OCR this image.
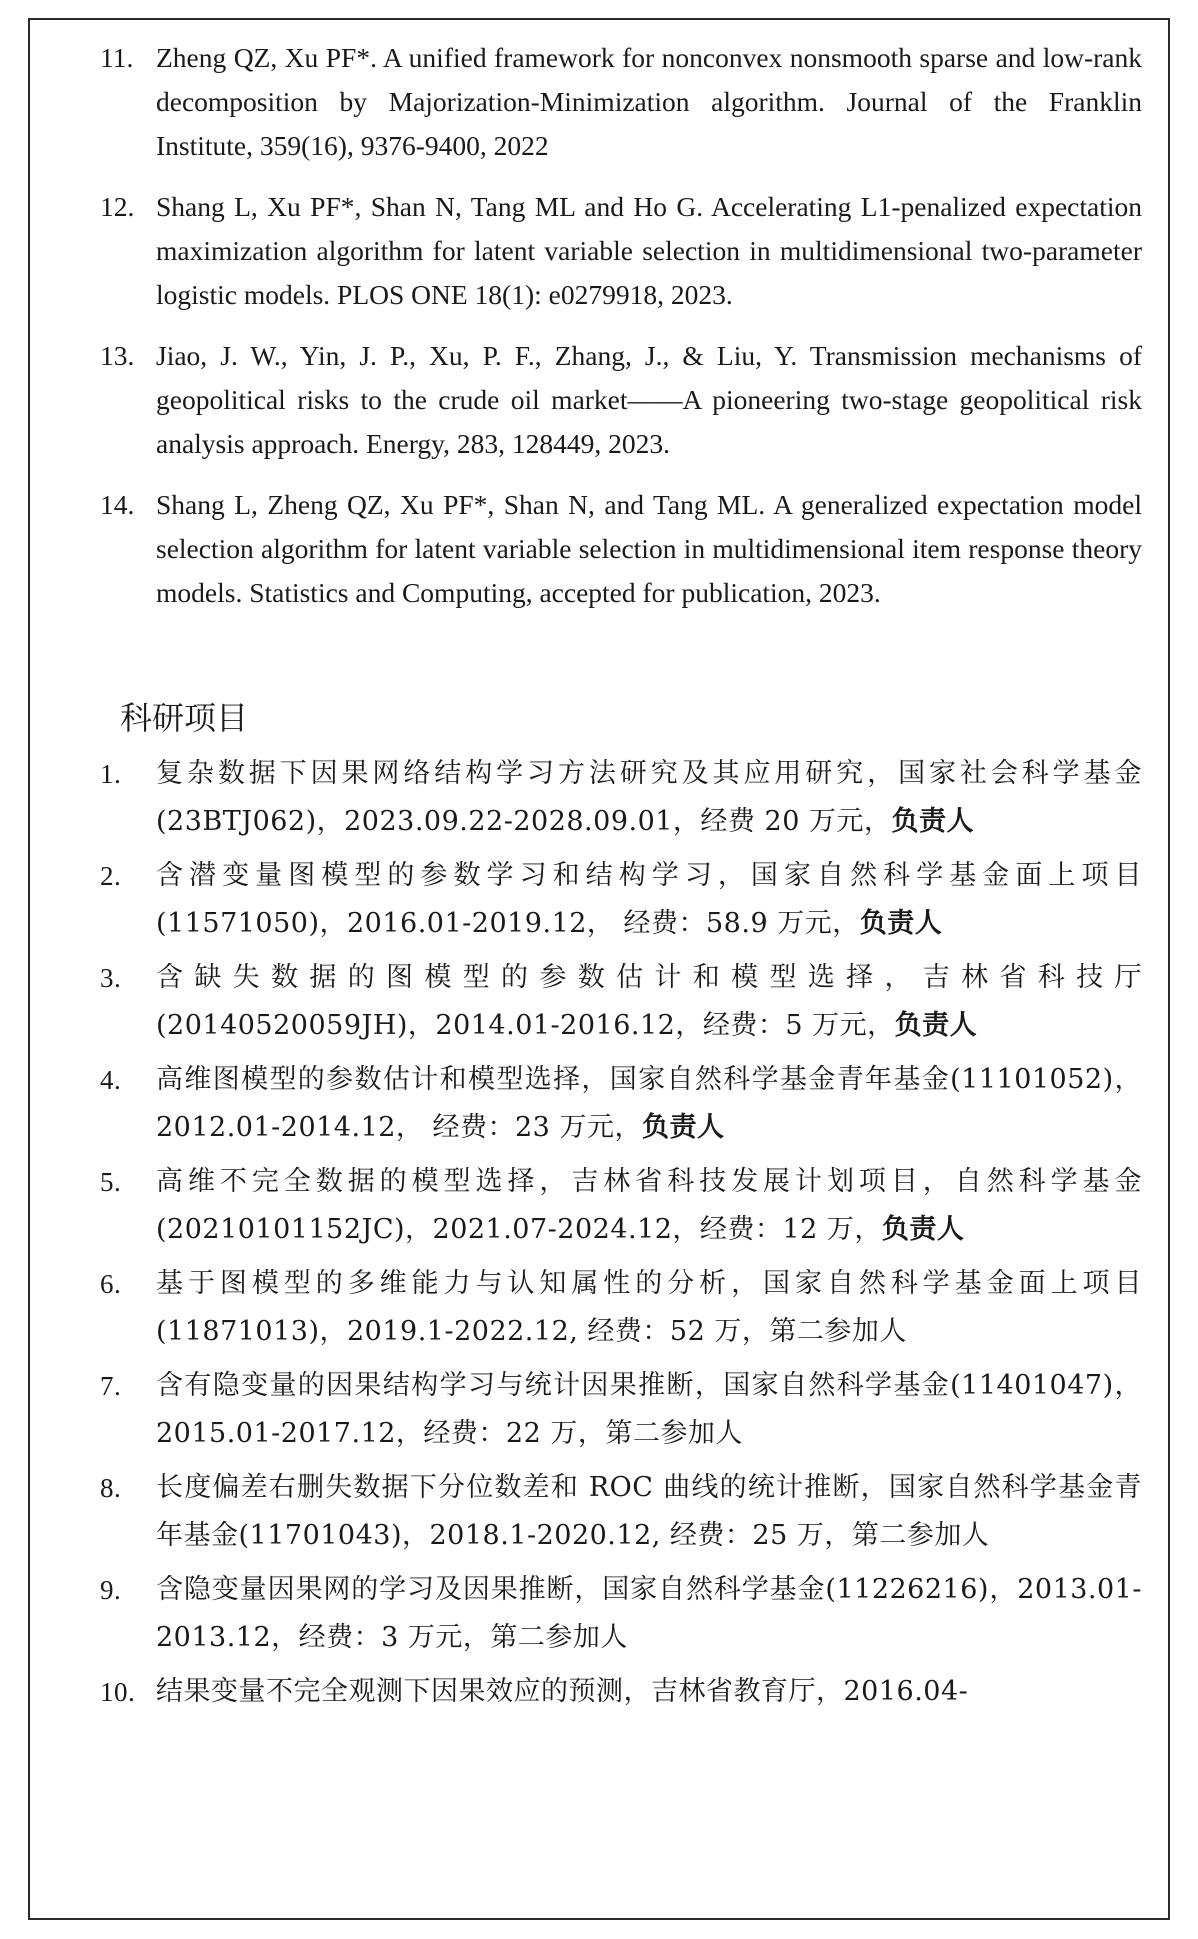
11. Zheng QZ, Xu PF*. A unified framework for nonconvex nonsmooth sparse and low-rank decomposition by Majorization-Minimization algorithm. Journal of the Franklin Institute, 359(16), 9376-9400, 2022
12. Shang L, Xu PF*, Shan N, Tang ML and Ho G. Accelerating L1-penalized expectation maximization algorithm for latent variable selection in multidimensional two-parameter logistic models. PLOS ONE 18(1): e0279918, 2023.
13. Jiao, J. W., Yin, J. P., Xu, P. F., Zhang, J., & Liu, Y. Transmission mechanisms of geopolitical risks to the crude oil market——A pioneering two-stage geopolitical risk analysis approach. Energy, 283, 128449, 2023.
14. Shang L, Zheng QZ, Xu PF*, Shan N, and Tang ML. A generalized expectation model selection algorithm for latent variable selection in multidimensional item response theory models. Statistics and Computing, accepted for publication, 2023.
科研项目
1. 复杂数据下因果网络结构学习方法研究及其应用研究，国家社会科学基金(23BTJ062)，2023.09.22-2028.09.01，经费 20 万元，负责人
2. 含潜变量图模型的参数学习和结构学习，国家自然科学基金面上项目(11571050)，2016.01-2019.12， 经费：58.9 万元，负责人
3. 含缺失数据的图模型的参数估计和模型选择，吉林省科技厅(20140520059JH)，2014.01-2016.12，经费：5 万元，负责人
4. 高维图模型的参数估计和模型选择，国家自然科学基金青年基金(11101052)， 2012.01-2014.12， 经费：23 万元，负责人
5. 高维不完全数据的模型选择，吉林省科技发展计划项目，自然科学基金 (20210101152JC)，2021.07-2024.12，经费：12 万，负责人
6. 基于图模型的多维能力与认知属性的分析，国家自然科学基金面上项目(11871013)，2019.1-2022.12, 经费：52 万，第二参加人
7. 含有隐变量的因果结构学习与统计因果推断，国家自然科学基金(11401047)，2015.01-2017.12，经费：22 万，第二参加人
8. 长度偏差右删失数据下分位数差和 ROC 曲线的统计推断，国家自然科学基金青年基金(11701043)，2018.1-2020.12, 经费：25 万，第二参加人
9. 含隐变量因果网的学习及因果推断，国家自然科学基金(11226216)，2013.01-2013.12，经费：3 万元，第二参加人
10. 结果变量不完全观测下因果效应的预测，吉林省教育厅，2016.04-
